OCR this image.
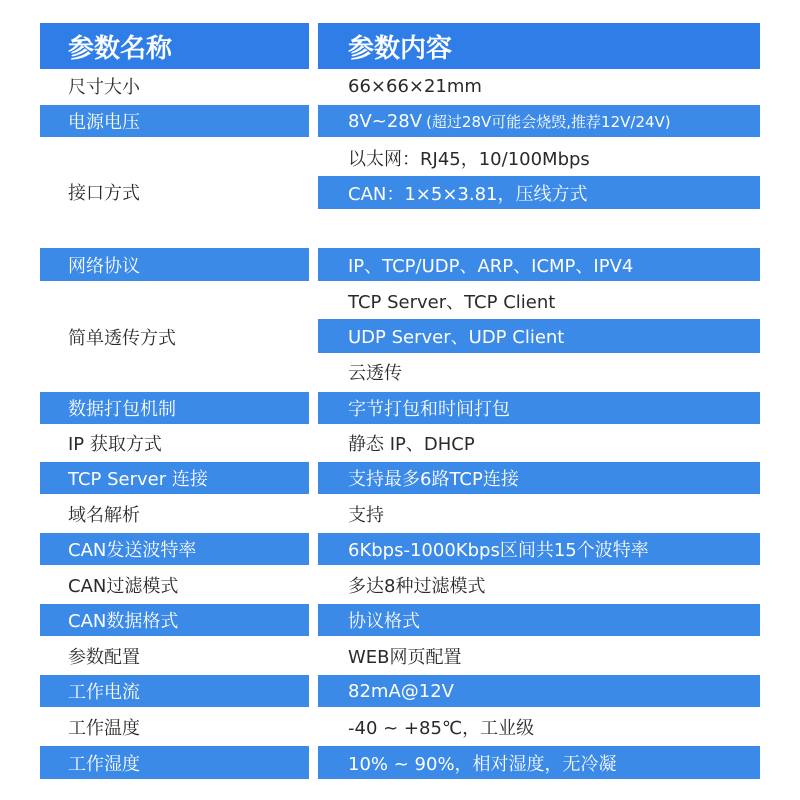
参数名称	参数内容
尺寸大小	66×66×21mm
电源电压	8V~28V (超过28V可能会烧毁,推荐12V/24V)
接口方式
以太网：RJ45，10/100Mbps
CAN：1×5×3.81，压线方式
网络协议	IP、TCP/UDP、ARP、ICMP、IPV4
简单透传方式
TCP Server、TCP Client
UDP Server、UDP Client
云透传
数据打包机制	字节打包和时间打包
IP 获取方式	静态 IP、DHCP
TCP Server 连接	支持最多6路TCP连接
域名解析	支持
CAN发送波特率	6Kbps-1000Kbps区间共15个波特率
CAN过滤模式	多达8种过滤模式
CAN数据格式	协议格式
参数配置	WEB网页配置
工作电流	82mA@12V
工作温度	-40 ~ +85℃，工业级
工作湿度	10% ~ 90%，相对湿度，无冷凝
